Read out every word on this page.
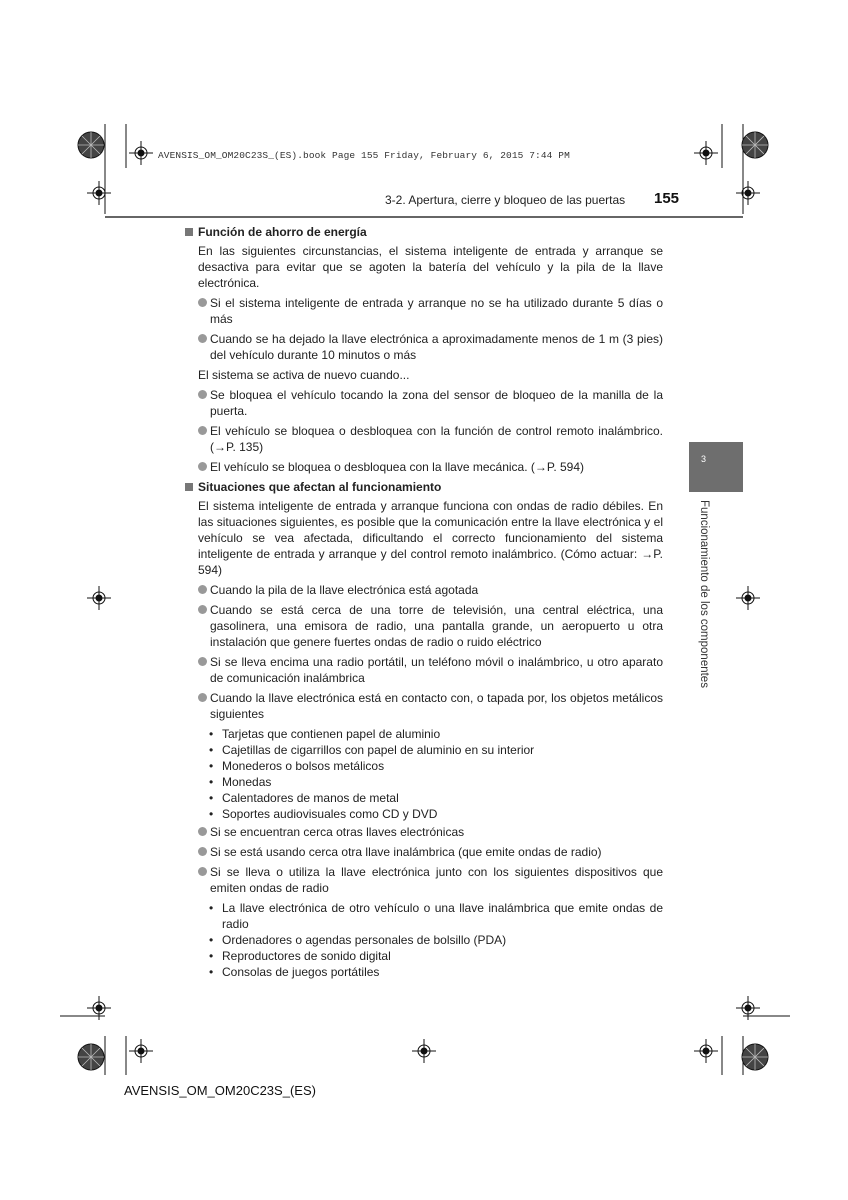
AVENSIS_OM_OM20C23S_(ES).book Page 155 Friday, February 6, 2015 7:44 PM
3-2. Apertura, cierre y bloqueo de las puertas 155
3
Funcionamiento de los componentes
Función de ahorro de energía
En las siguientes circunstancias, el sistema inteligente de entrada y arranque se desactiva para evitar que se agoten la batería del vehículo y la pila de la llave electrónica.
Si el sistema inteligente de entrada y arranque no se ha utilizado durante 5 días o más
Cuando se ha dejado la llave electrónica a aproximadamente menos de 1 m (3 pies) del vehículo durante 10 minutos o más
El sistema se activa de nuevo cuando...
Se bloquea el vehículo tocando la zona del sensor de bloqueo de la manilla de la puerta.
El vehículo se bloquea o desbloquea con la función de control remoto inalámbrico. (→P. 135)
El vehículo se bloquea o desbloquea con la llave mecánica. (→P. 594)
Situaciones que afectan al funcionamiento
El sistema inteligente de entrada y arranque funciona con ondas de radio débiles. En las situaciones siguientes, es posible que la comunicación entre la llave electrónica y el vehículo se vea afectada, dificultando el correcto funcionamiento del sistema inteligente de entrada y arranque y del control remoto inalámbrico. (Cómo actuar: →P. 594)
Cuando la pila de la llave electrónica está agotada
Cuando se está cerca de una torre de televisión, una central eléctrica, una gasolinera, una emisora de radio, una pantalla grande, un aeropuerto u otra instalación que genere fuertes ondas de radio o ruido eléctrico
Si se lleva encima una radio portátil, un teléfono móvil o inalámbrico, u otro aparato de comunicación inalámbrica
Cuando la llave electrónica está en contacto con, o tapada por, los objetos metálicos siguientes
• Tarjetas que contienen papel de aluminio
• Cajetillas de cigarrillos con papel de aluminio en su interior
• Monederos o bolsos metálicos
• Monedas
• Calentadores de manos de metal
• Soportes audiovisuales como CD y DVD
Si se encuentran cerca otras llaves electrónicas
Si se está usando cerca otra llave inalámbrica (que emite ondas de radio)
Si se lleva o utiliza la llave electrónica junto con los siguientes dispositivos que emiten ondas de radio
• La llave electrónica de otro vehículo o una llave inalámbrica que emite ondas de radio
• Ordenadores o agendas personales de bolsillo (PDA)
• Reproductores de sonido digital
• Consolas de juegos portátiles
AVENSIS_OM_OM20C23S_(ES)
